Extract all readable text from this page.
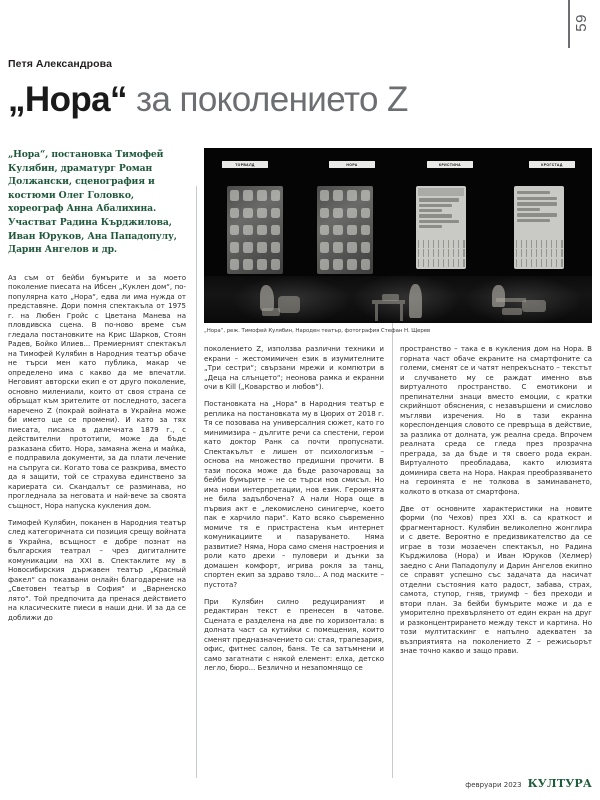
59
Петя Александрова
„Нора“ за поколението Z
„Нора“, постановка Тимофей Кулябин, драматург Роман Должански, сценография и костюми Олег Головко, хореограф Анна Абалихина. Участват Радина Кърджилова, Иван Юруков, Ана Пападопулу, Дарин Ангелов и др.

Аз съм от бейби бумърите и за моето поколение пиесата на Ибсен „Куклен дом“, по-популярна като „Нора“, едва ли има нужда от представяне. Дори помня спектакъла от 1975 г. на Любен Гройс с Цветана Манева на пловдивска сцена. В по-ново време съм гледала постановките на Крис Шарков, Стоян Радев, Бойко Илиев... Премиерният спектакъл на Тимофей Кулябин в Народния театър обаче не търси мен като публика, макар че определено има с какво да ме впечатли. Неговият авторски екип е от друго поколение, основно милениали, които от своя страна се обръщат към зрителите от последното, засега наречено Z (покрай войната в Украйна може би името ще се промени). И като за тях пиесата, писана в далечната 1879 г., с действителни прототипи, може да бъде разказана сбито. Нора, замаяна жена и майка, е подправила документи, за да плати лечение на съпруга си. Когато това се разкрива, вместо да я защити, той се страхува единствено за кариерата си. Скандалът се разминава, но прогледнала за неговата и най-вече за своята същност, Нора напуска кукления дом.

Тимофей Кулябин, поканен в Народния театър след категоричната си позиция срещу войната в Украйна, всъщност е добре познат на българския театрал – чрез дигиталните комуникации на XXI в. Спектаклите му в Новосибирския държавен театър „Красный факел“ са показвани онлайн благодарение на „Световен театър в София“ и „Варненско лято“. Той предпочита да пренася действието на класическите пиеси в наши дни. И за да се доближи до

ТОРВАЛД	НОРА	КРИСТИНА	КРОГСТАД
„Нора“, реж. Тимофей Кулябин, Народен театър, фотография Стефан Н. Щерев

поколението Z, използва различни техники и екрани – жестомимичен език в изумителните „Три сестри“; свързани мрежи и компютри в „Деца на слънцето“; неонова рамка и екранни очи в Kill („Коварство и любов“).

Постановката на „Нора“ в Народния театър е реплика на постановката му в Цюрих от 2018 г. Тя се позовава на универсалния сюжет, като го минимизира – дългите речи са спестени, герои като доктор Ранк са почти пропуснати. Спектакълът е лишен от психологизъм – основа на множество предишни прочити. В тази посока може да бъде разочароващ за бейби бумърите – не се търси нов смисъл. Но има нови интерпретации, нов език. Героинята не била задълбочена? А нали Нора още в първия акт е „лекомислено синигерче, което пак е харчило пари“. Като всяко съвременно момиче тя е пристрастена към интернет комуникациите и пазаруването. Няма развитие? Няма, Нора само сменя настроения и роли като дрехи – пуловери и дънки за домашен комфорт, игрива рокля за танц, спортен екип за здраво тяло... А под маските – пустота?

При Кулябин силно редуцираният и редактиран текст е пренесен в чатове. Сцената е разделена на две по хоризонтала: в долната част са кутийки с помещения, които сменят предназначението си: стая, трапезария, офис, фитнес салон, баня. Те са затъмнени и само загатнати с някой елемент: елха, детско легло, бюро... Безлично и незапомнящо се

пространство – така е в кукления дом на Нора. В горната част обаче екраните на смартфоните са големи, сменят се и чатят непрекъснато – текстът и случването му се раждат именно във виртуалното пространство. С емотикони и препинателни знаци вместо емоции, с кратки скрийншот обяснения, с незавършени и смислово мъгляви изречения. Но в тази екранна кореспонденция словото се превръща в действие, за разлика от долната, уж реална среда. Впрочем реалната среда се гледа през прозрачна преграда, за да бъде и тя своего рода екран. Виртуалното преобладава, както илюзията доминира света на Нора. Накрая преобразяването на героинята е не толкова в заминаването, колкото в отказа от смартфона.

Две от основните характеристики на новите форми (по Чехов) през XXI в. са краткост и фрагментарност. Кулябин великолепно жонглира и с двете. Вероятно е предизвикателство да се играе в този мозаечен спектакъл, но Радина Кърджилова (Нора) и Иван Юруков (Хелмер) заедно с Ани Пападопулу и Дарин Ангелов екипно се справят успешно със задачата да насичат отделни състояния като радост, забава, страх, самота, ступор, гняв, триумф – без преходи и втори план. За бейби бумърите може и да е уморително прехвърлянето от един екран на друг и разконцентрирането между текст и картина. Но този мултитаскинг е напълно адекватен за възприятията на поколението Z – режисьорът знае точно какво и защо прави.

февруари 2023 КУЛТУРА
